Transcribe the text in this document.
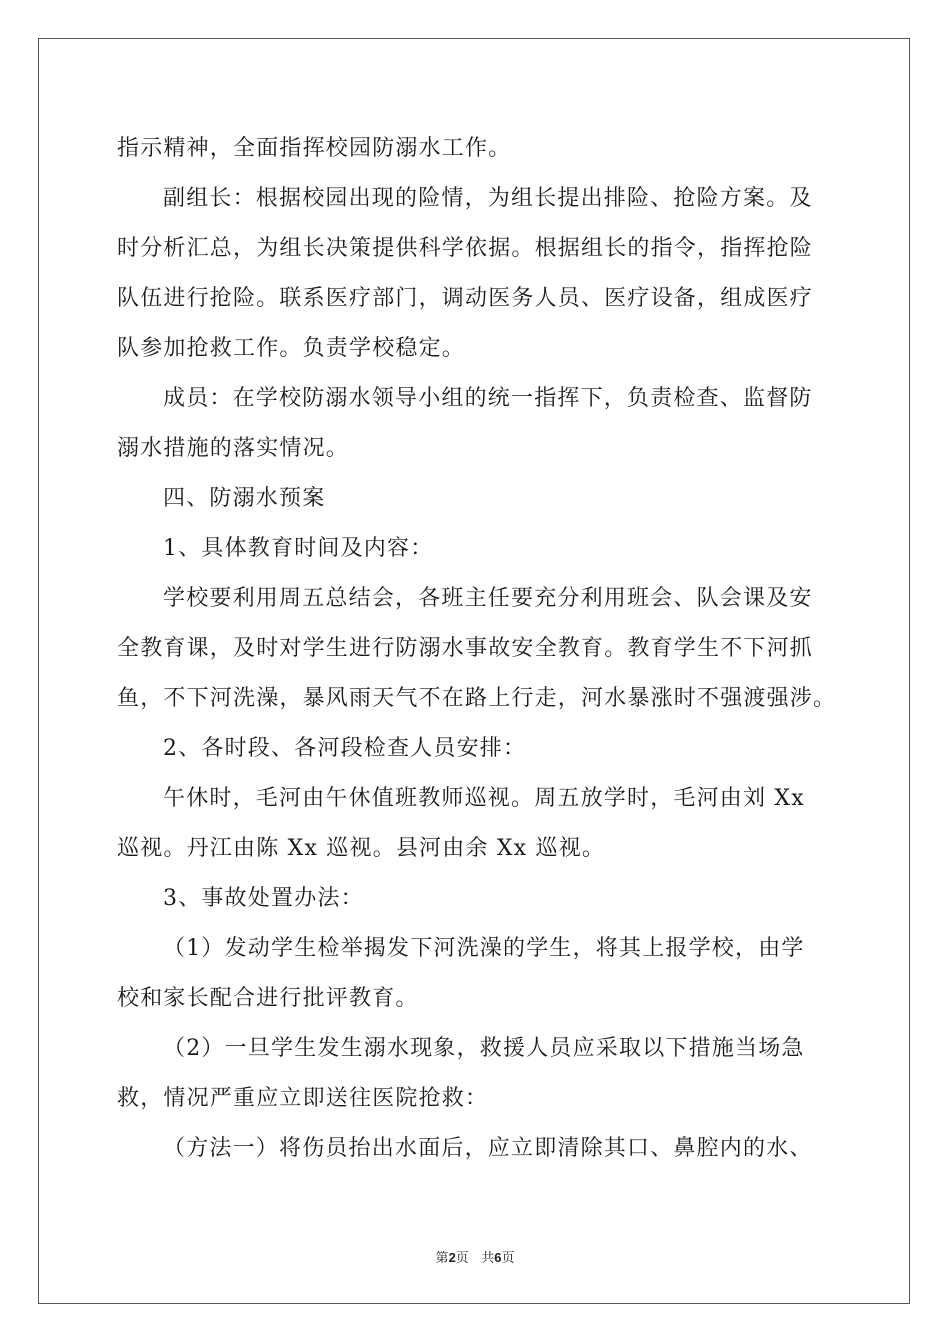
指示精神，全面指挥校园防溺水工作。

副组长：根据校园出现的险情，为组长提出排险、抢险方案。及

时分析汇总，为组长决策提供科学依据。根据组长的指令，指挥抢险

队伍进行抢险。联系医疗部门，调动医务人员、医疗设备，组成医疗

队参加抢救工作。负责学校稳定。

成员：在学校防溺水领导小组的统一指挥下，负责检查、监督防

溺水措施的落实情况。

四、防溺水预案

1、具体教育时间及内容：

学校要利用周五总结会，各班主任要充分利用班会、队会课及安

全教育课，及时对学生进行防溺水事故安全教育。教育学生不下河抓

鱼，不下河洗澡，暴风雨天气不在路上行走，河水暴涨时不强渡强涉。

2、各时段、各河段检查人员安排：

午休时，毛河由午休值班教师巡视。周五放学时，毛河由刘 Xx

巡视。丹江由陈 Xx 巡视。县河由余 Xx 巡视。

3、事故处置办法：

（1）发动学生检举揭发下河洗澡的学生，将其上报学校，由学

校和家长配合进行批评教育。

（2）一旦学生发生溺水现象，救援人员应采取以下措施当场急

救，情况严重应立即送往医院抢救：

（方法一）将伤员抬出水面后，应立即清除其口、鼻腔内的水、

第2页   共6页
